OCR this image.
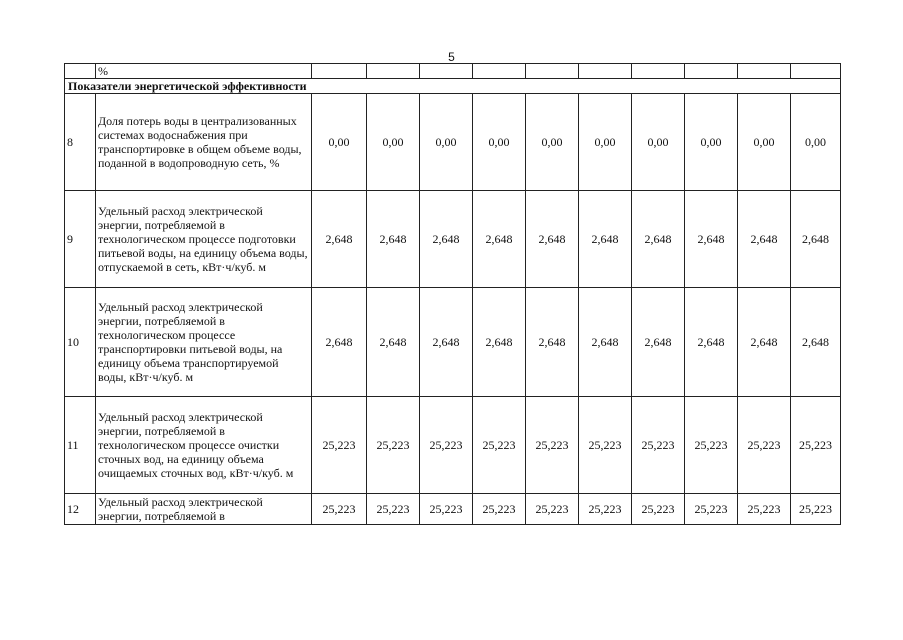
5
	%										
Показатели энергетической эффективности											
8	Доля потерь воды в централизованных системах водоснабжения при транспортировке в общем объеме воды, поданной в водопроводную сеть, %	0,00	0,00	0,00	0,00	0,00	0,00	0,00	0,00	0,00	0,00
9	Удельный расход электрической энергии, потребляемой в технологическом процессе подготовки питьевой воды, на единицу объема воды, отпускаемой в сеть, кВт·ч/куб. м	2,648	2,648	2,648	2,648	2,648	2,648	2,648	2,648	2,648	2,648
10	Удельный расход электрической энергии, потребляемой в технологическом процессе транспортировки питьевой воды, на единицу объема транспортируемой воды, кВт·ч/куб. м	2,648	2,648	2,648	2,648	2,648	2,648	2,648	2,648	2,648	2,648
11	Удельный расход электрической энергии, потребляемой в технологическом процессе очистки сточных вод, на единицу объема очищаемых сточных вод, кВт·ч/куб. м	25,223	25,223	25,223	25,223	25,223	25,223	25,223	25,223	25,223	25,223
12	Удельный расход электрической энергии, потребляемой в	25,223	25,223	25,223	25,223	25,223	25,223	25,223	25,223	25,223	25,223
